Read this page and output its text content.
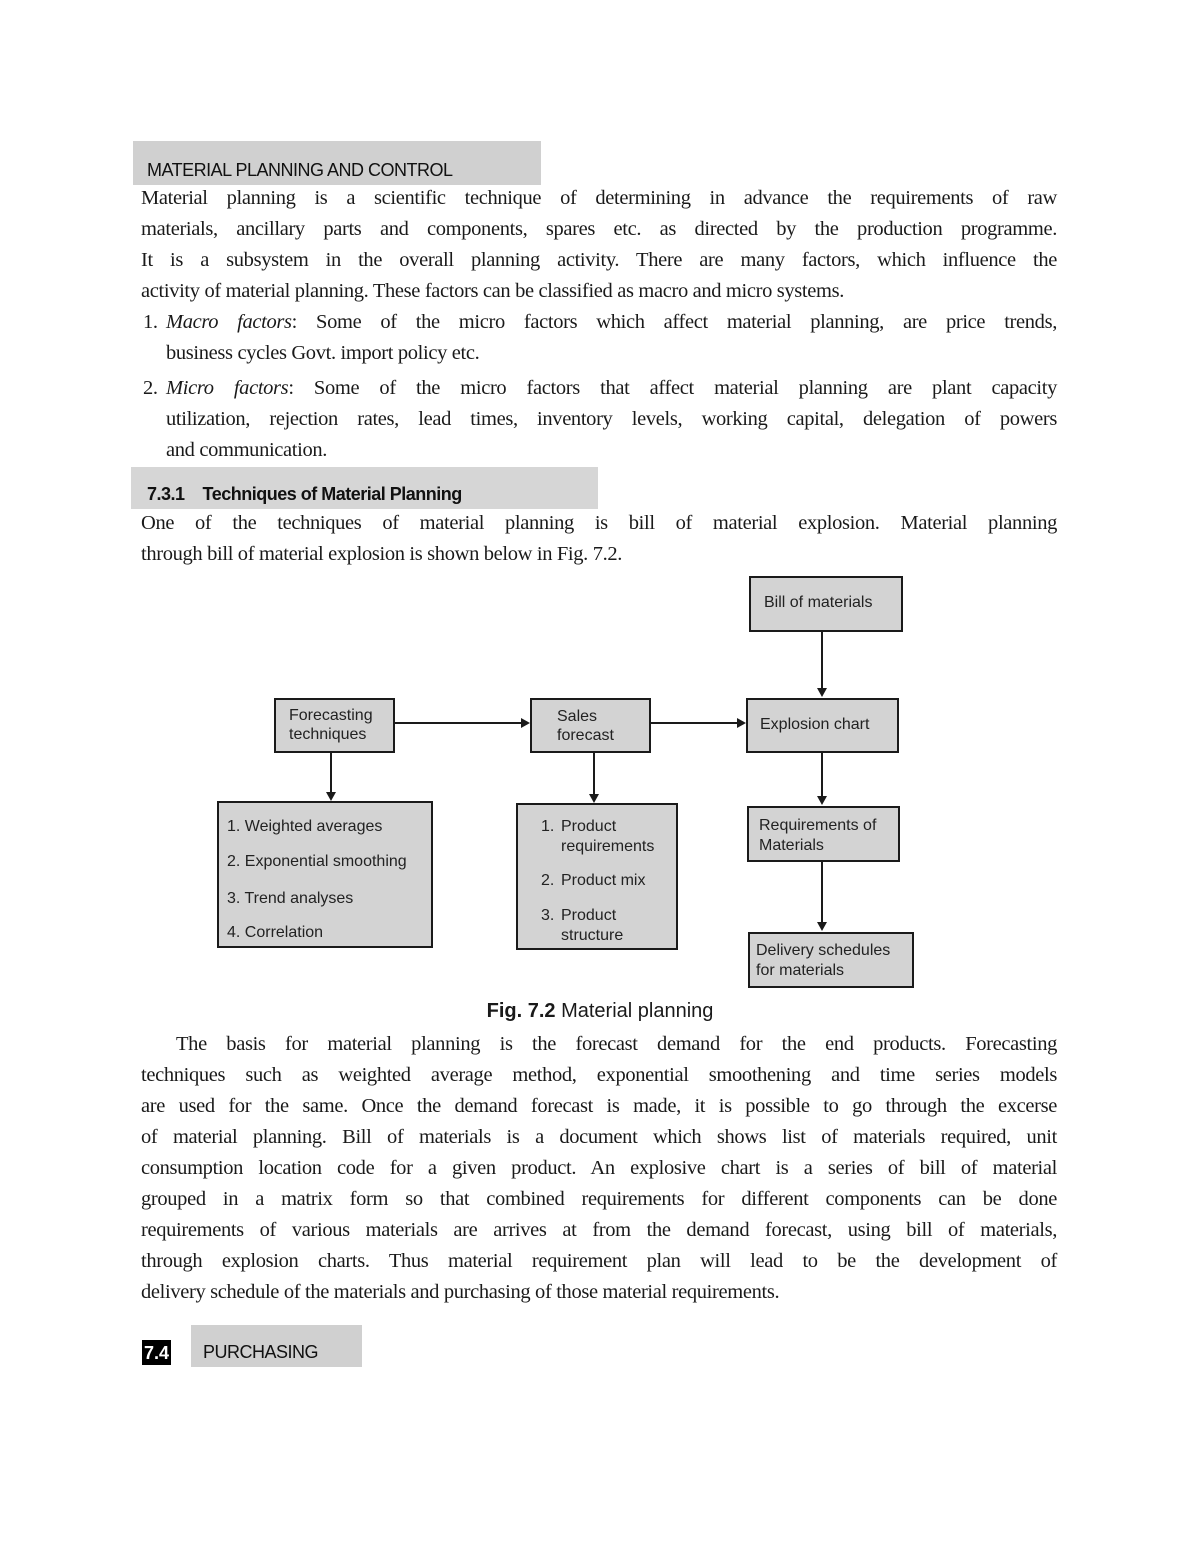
MATERIAL PLANNING AND CONTROL
Material planning is a scientific technique of determining in advance the requirements of raw
materials, ancillary parts and components, spares etc. as directed by the production programme.
It is a subsystem in the overall planning activity. There are many factors, which influence the
activity of material planning. These factors can be classified as macro and micro systems.
1. Macro factors: Some of the micro factors which affect material planning, are price trends,
business cycles Govt. import policy etc.
2. Micro factors: Some of the micro factors that affect material planning are plant capacity
utilization, rejection rates, lead times, inventory levels, working capital, delegation of powers
and communication.
7.3.1    Techniques of Material Planning
One of the techniques of material planning is bill of material explosion. Material planning
through bill of material explosion is shown below in Fig. 7.2.
Bill of materials
Forecasting
techniques
Sales
forecast
Explosion chart
1. Weighted averages
2. Exponential smoothing
3. Trend analyses
4. Correlation
1. Product
requirements
2. Product mix
3. Product
structure
Requirements of
Materials
Delivery schedules
for materials
Fig. 7.2 Material planning
The basis for material planning is the forecast demand for the end products. Forecasting
techniques such as weighted average method, exponential smoothening and time series models
are used for the same. Once the demand forecast is made, it is possible to go through the excerse
of material planning. Bill of materials is a document which shows list of materials required, unit
consumption location code for a given product. An explosive chart is a series of bill of material
grouped in a matrix form so that combined requirements for different components can be done
requirements of various materials are arrives at from the demand forecast, using bill of materials,
through explosion charts. Thus material requirement plan will lead to be the development of
delivery schedule of the materials and purchasing of those material requirements.
7.4 PURCHASING
